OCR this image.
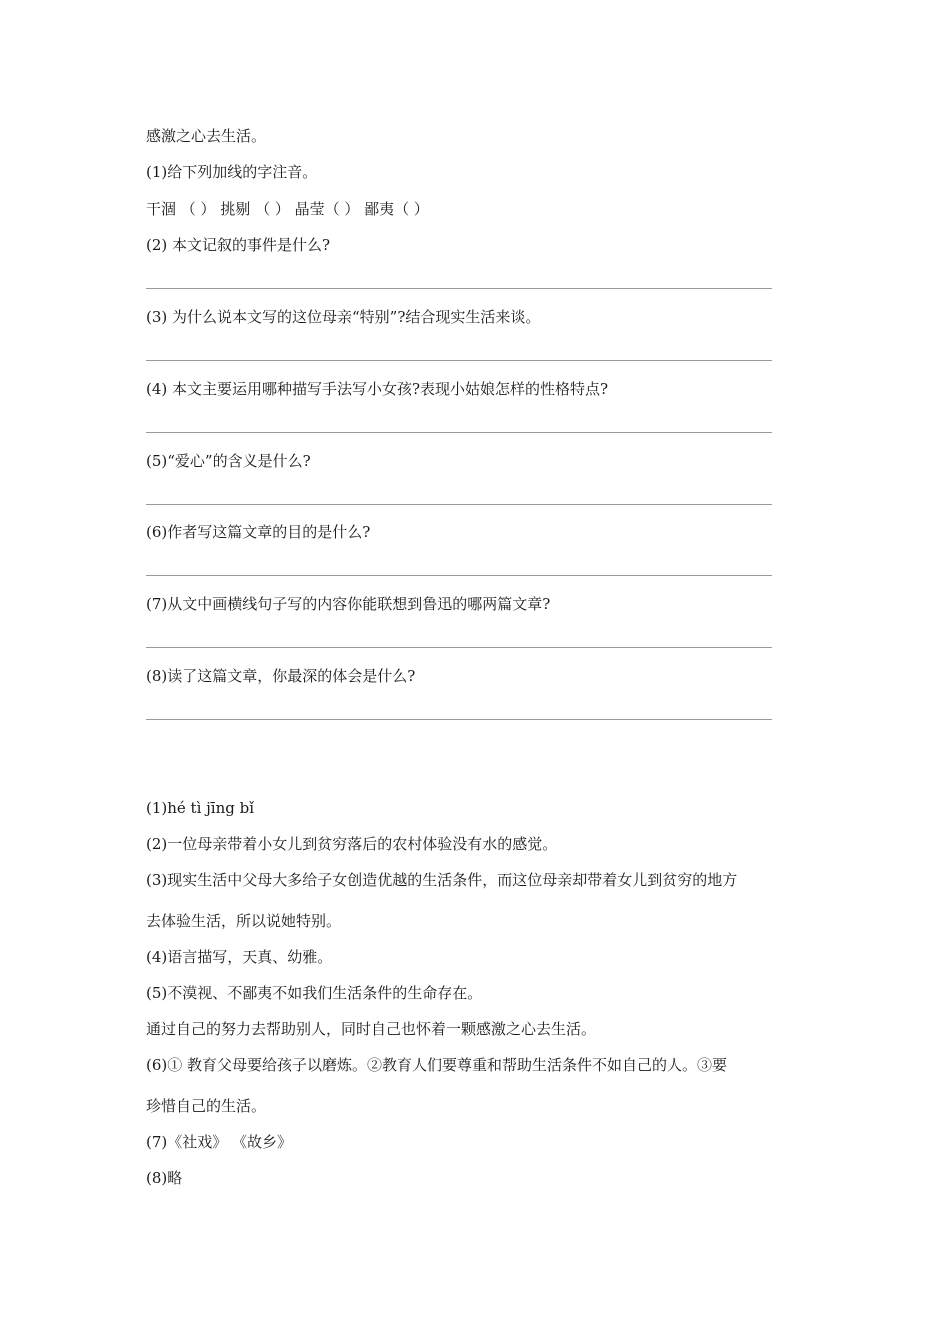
感激之心去生活。
(1)给下列加线的字注音。
干涸 （ ） 挑剔 （ ） 晶莹（ ） 鄙夷（ ）
(2) 本文记叙的事件是什么?
(3) 为什么说本文写的这位母亲“特别”?结合现实生活来谈。
(4) 本文主要运用哪种描写手法写小女孩?表现小姑娘怎样的性格特点?
(5)“爱心”的含义是什么?
(6)作者写这篇文章的目的是什么?
(7)从文中画横线句子写的内容你能联想到鲁迅的哪两篇文章?
(8)读了这篇文章，你最深的体会是什么?
(1)hé tì jīng bǐ
(2)一位母亲带着小女儿到贫穷落后的农村体验没有水的感觉。
(3)现实生活中父母大多给子女创造优越的生活条件，而这位母亲却带着女儿到贫穷的地方
去体验生活，所以说她特别。
(4)语言描写，天真、幼雅。
(5)不漠视、不鄙夷不如我们生活条件的生命存在。
通过自己的努力去帮助别人，同时自己也怀着一颗感激之心去生活。
(6)① 教育父母要给孩子以磨炼。②教育人们要尊重和帮助生活条件不如自己的人。③要
珍惜自己的生活。
(7)《社戏》 《故乡》
(8)略
